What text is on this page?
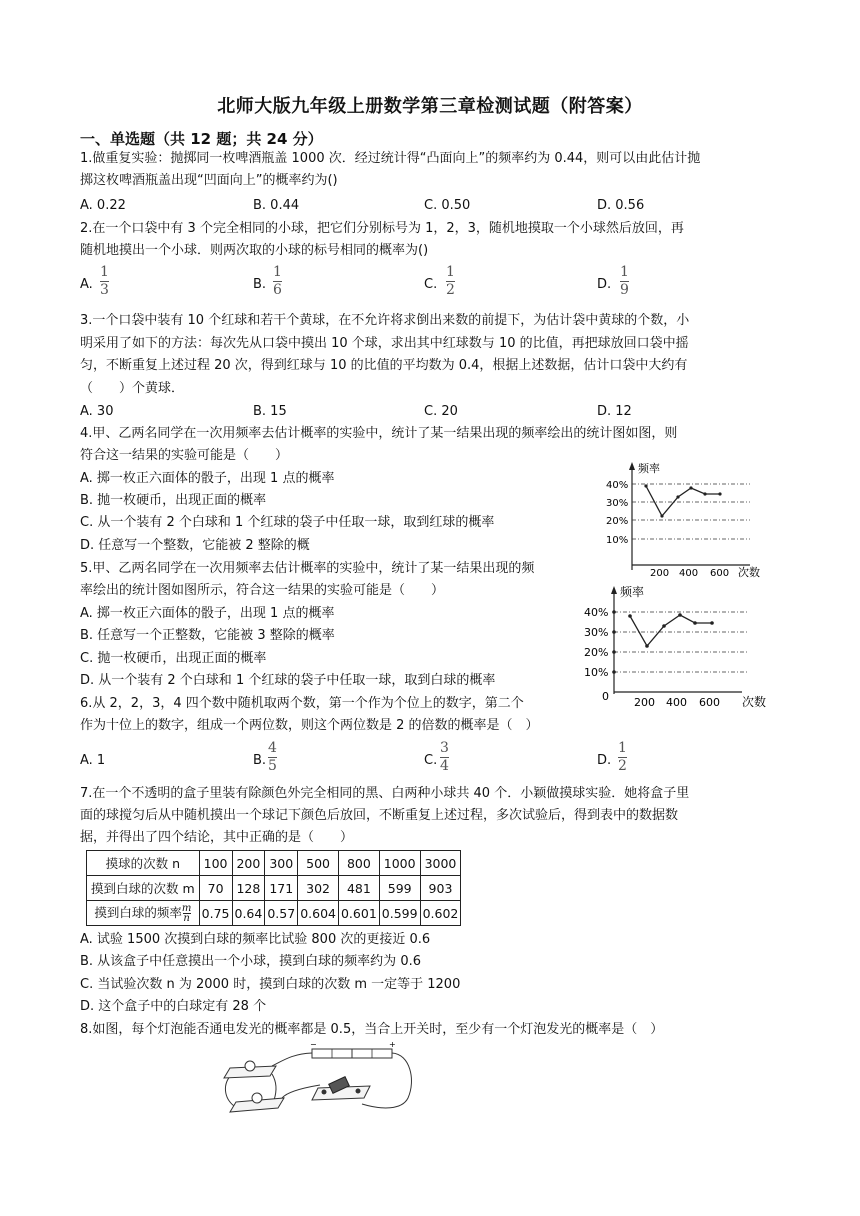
北师大版九年级上册数学第三章检测试题（附答案）
一、单选题（共 12 题；共 24 分）
1.做重复实验：抛掷同一枚啤酒瓶盖 1000 次．经过统计得“凸面向上”的频率约为 0.44，则可以由此估计抛
掷这枚啤酒瓶盖出现“凹面向上”的概率约为()
A. 0.22	B. 0.44	C. 0.50	D. 0.56
2.在一个口袋中有 3 个完全相同的小球，把它们分别标号为 1，2，3，随机地摸取一个小球然后放回，再
随机地摸出一个小球．则两次取的小球的标号相同的概率为()
A.
1
3	B.
1
6	C.
1
2	D.
1
9
3.一个口袋中装有 10 个红球和若干个黄球，在不允许将求倒出来数的前提下，为估计袋中黄球的个数，小
明采用了如下的方法：每次先从口袋中摸出 10 个球，求出其中红球数与 10 的比值，再把球放回口袋中摇
匀，不断重复上述过程 20 次，得到红球与 10 的比值的平均数为 0.4，根据上述数据，估计口袋中大约有
（　　）个黄球．
A. 30	B. 15	C. 20	D. 12
4.甲、乙两名同学在一次用频率去估计概率的实验中，统计了某一结果出现的频率绘出的统计图如图，则
符合这一结果的实验可能是（　　）
A. 掷一枚正六面体的骰子，出现 1 点的概率
B. 抛一枚硬币，出现正面的概率
C. 从一个装有 2 个白球和 1 个红球的袋子中任取一球，取到红球的概率
D. 任意写一个整数，它能被 2 整除的概
频率
次数
40%
30%
20%
10%
200 400 600
5.甲、乙两名同学在一次用频率去估计概率的实验中，统计了某一结果出现的频
率绘出的统计图如图所示，符合这一结果的实验可能是（　　）
A. 掷一枚正六面体的骰子，出现 1 点的概率
B. 任意写一个正整数，它能被 3 整除的概率
C. 抛一枚硬币，出现正面的概率
D. 从一个装有 2 个白球和 1 个红球的袋子中任取一球，取到白球的概率
频率
次数
0
40%
30%
20%
10%
200 400 600
6.从 2，2，3，4 四个数中随机取两个数，第一个作为个位上的数字，第二个
作为十位上的数字，组成一个两位数，则这个两位数是 2 的倍数的概率是（　）
A. 1	B.
4
5	C.
3
4	D.
1
2
7.在一个不透明的盒子里装有除颜色外完全相同的黑、白两种小球共 40 个．小颖做摸球实验．她将盒子里
面的球搅匀后从中随机摸出一个球记下颜色后放回，不断重复上述过程，多次试验后，得到表中的数据数
据，并得出了四个结论，其中正确的是（　　）
摸球的次数 n	100	200	300	500	800	1000	3000
摸到白球的次数 m	70	128	171	302	481	599	903
摸到白球的频率 $\frac{m}{n}$	0.75	0.64	0.57	0.604	0.601	0.599	0.602
A. 试验 1500 次摸到白球的频率比试验 800 次的更接近 0.6
B. 从该盒子中任意摸出一个小球，摸到白球的频率约为 0.6
C. 当试验次数 n 为 2000 时，摸到白球的次数 m 一定等于 1200
D. 这个盒子中的白球定有 28 个
8.如图，每个灯泡能否通电发光的概率都是 0.5，当合上开关时，至少有一个灯泡发光的概率是（　）
−	+
